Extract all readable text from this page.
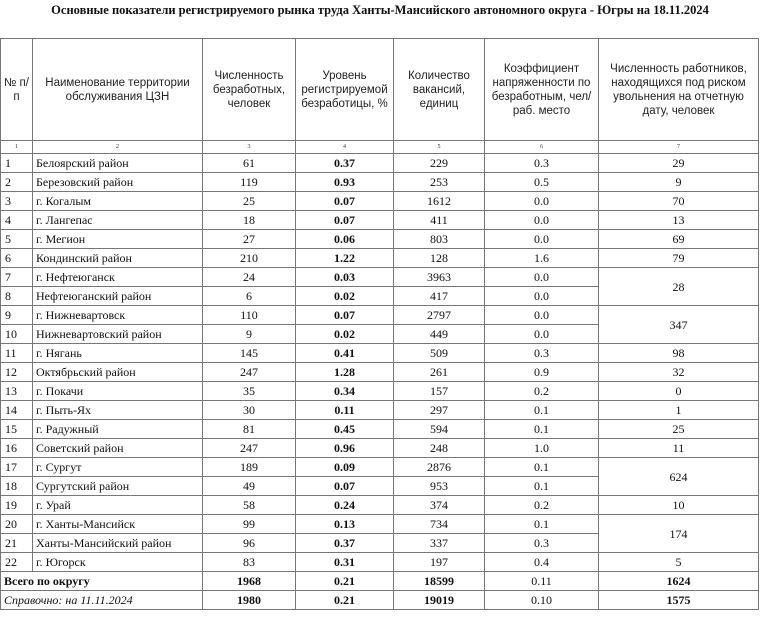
Основные показатели регистрируемого рынка труда Ханты-Мансийского автономного округа - Югры на 18.11.2024
№ п/п	Наименование территории обслуживания ЦЗН	Численность безработных, человек	Уровень регистрируемой безработицы, %	Количество вакансий, единиц	Коэффициент напряженности по безработным, чел/раб. место	Численность работников, находящихся под риском увольнения на отчетную дату, человек
1	2	3	4	5	6	7
1	Белоярский район	61	0.37	229	0.3	29
2	Березовский район	119	0.93	253	0.5	9
3	г. Когалым	25	0.07	1612	0.0	70
4	г. Лангепас	18	0.07	411	0.0	13
5	г. Мегион	27	0.06	803	0.0	69
6	Кондинский район	210	1.22	128	1.6	79
7	г. Нефтеюганск	24	0.03	3963	0.0	28
8	Нефтеюганский район	6	0.02	417	0.0	
9	г. Нижневартовск	110	0.07	2797	0.0	347
10	Нижневартовский район	9	0.02	449	0.0	
11	г. Нягань	145	0.41	509	0.3	98
12	Октябрьский район	247	1.28	261	0.9	32
13	г. Покачи	35	0.34	157	0.2	0
14	г. Пыть-Ях	30	0.11	297	0.1	1
15	г. Радужный	81	0.45	594	0.1	25
16	Советский район	247	0.96	248	1.0	11
17	г. Сургут	189	0.09	2876	0.1	624
18	Сургутский район	49	0.07	953	0.1	
19	г. Урай	58	0.24	374	0.2	10
20	г. Ханты-Мансийск	99	0.13	734	0.1	174
21	Ханты-Мансийский район	96	0.37	337	0.3	
22	г. Югорск	83	0.31	197	0.4	5
Всего по округу		1968	0.21	18599	0.11	1624
Справочно: на 11.11.2024		1980	0.21	19019	0.10	1575
